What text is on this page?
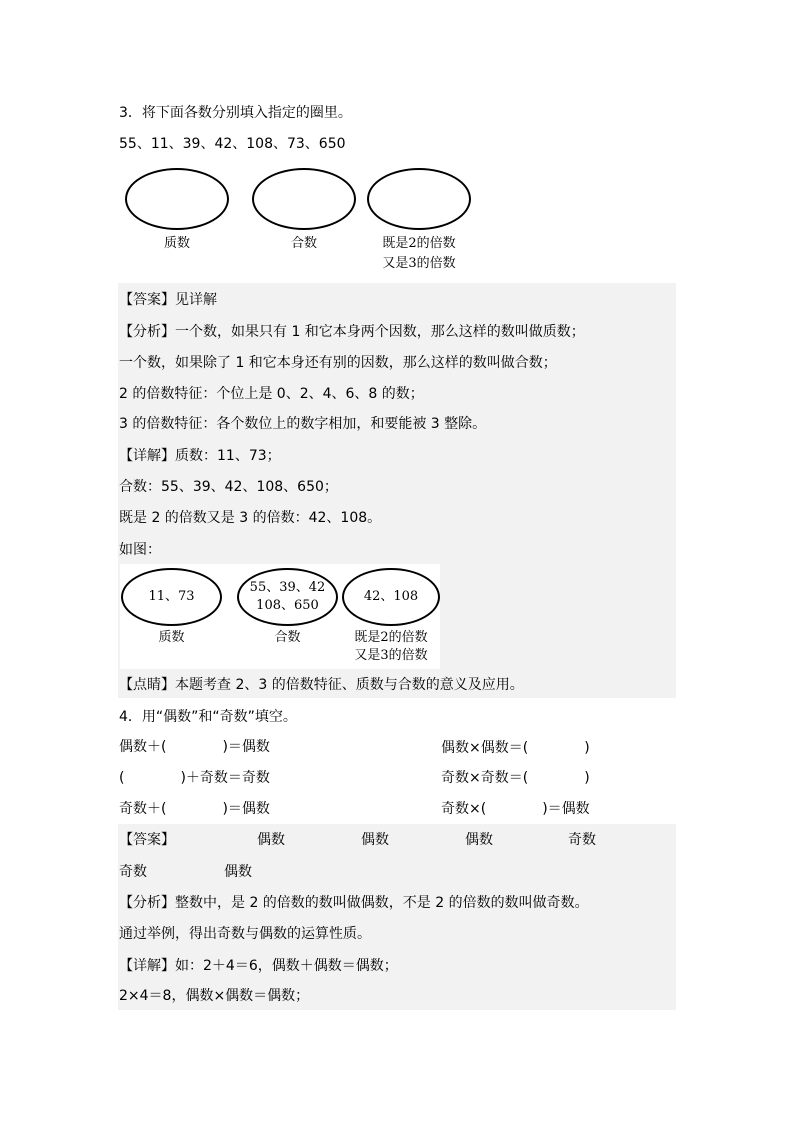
3．将下面各数分别填入指定的圈里。
55、11、39、42、108、73、650
质数	合数	既是2的倍数
又是3的倍数
【答案】见详解
【分析】一个数，如果只有 1 和它本身两个因数，那么这样的数叫做质数；
一个数，如果除了 1 和它本身还有别的因数，那么这样的数叫做合数；
2 的倍数特征：个位上是 0、2、4、6、8 的数；
3 的倍数特征：各个数位上的数字相加，和要能被 3 整除。
【详解】质数：11、73；
合数：55、39、42、108、650；
既是 2 的倍数又是 3 的倍数：42、108。
如图：
11、73
55、39、42
108、650
42、108
质数	合数	既是2的倍数
又是3的倍数
【点睛】本题考查 2、3 的倍数特征、质数与合数的意义及应用。
4．用“偶数”和“奇数”填空。
偶数＋(　　　　)＝偶数	偶数×偶数＝(　　　　)
(　　　　)＋奇数＝奇数	奇数×奇数＝(　　　　)
奇数＋(　　　　)＝偶数	奇数×(　　　　)＝偶数
【答案】	偶数	偶数	偶数	奇数
奇数	偶数
【分析】整数中，是 2 的倍数的数叫做偶数，不是 2 的倍数的数叫做奇数。
通过举例，得出奇数与偶数的运算性质。
【详解】如：2＋4＝6，偶数＋偶数＝偶数；
2×4＝8，偶数×偶数＝偶数；
